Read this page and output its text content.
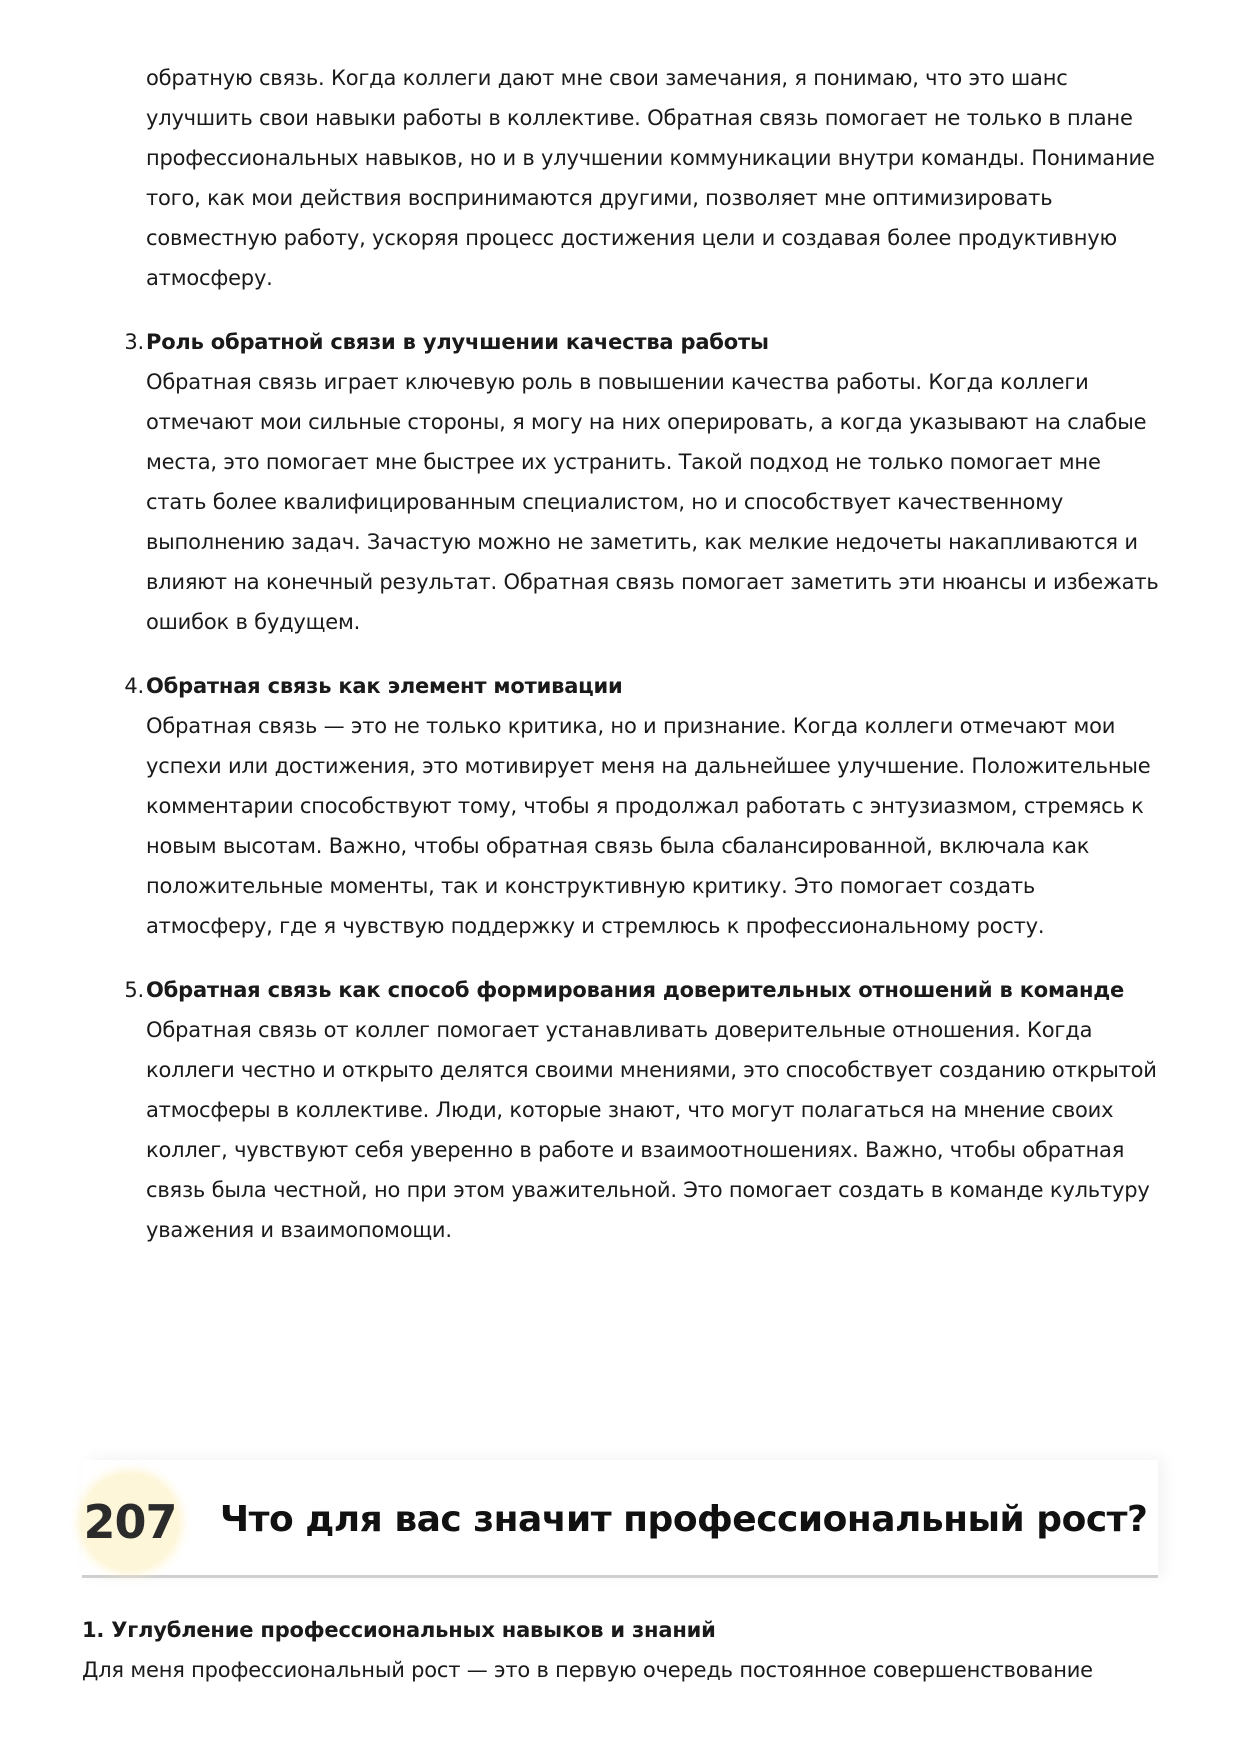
обратную связь. Когда коллеги дают мне свои замечания, я понимаю, что это шанс улучшить свои навыки работы в коллективе. Обратная связь помогает не только в плане профессиональных навыков, но и в улучшении коммуникации внутри команды. Понимание того, как мои действия воспринимаются другими, позволяет мне оптимизировать совместную работу, ускоряя процесс достижения цели и создавая более продуктивную атмосферу.

3. Роль обратной связи в улучшении качества работы

Обратная связь играет ключевую роль в повышении качества работы. Когда коллеги отмечают мои сильные стороны, я могу на них оперировать, а когда указывают на слабые места, это помогает мне быстрее их устранить. Такой подход не только помогает мне стать более квалифицированным специалистом, но и способствует качественному выполнению задач. Зачастую можно не заметить, как мелкие недочеты накапливаются и влияют на конечный результат. Обратная связь помогает заметить эти нюансы и избежать ошибок в будущем.

4. Обратная связь как элемент мотивации

Обратная связь — это не только критика, но и признание. Когда коллеги отмечают мои успехи или достижения, это мотивирует меня на дальнейшее улучшение. Положительные комментарии способствуют тому, чтобы я продолжал работать с энтузиазмом, стремясь к новым высотам. Важно, чтобы обратная связь была сбалансированной, включала как положительные моменты, так и конструктивную критику. Это помогает создать атмосферу, где я чувствую поддержку и стремлюсь к профессиональному росту.

5. Обратная связь как способ формирования доверительных отношений в команде

Обратная связь от коллег помогает устанавливать доверительные отношения. Когда коллеги честно и открыто делятся своими мнениями, это способствует созданию открытой атмосферы в коллективе. Люди, которые знают, что могут полагаться на мнение своих коллег, чувствуют себя уверенно в работе и взаимоотношениях. Важно, чтобы обратная связь была честной, но при этом уважительной. Это помогает создать в команде культуру уважения и взаимопомощи.

207 Что для вас значит профессиональный рост?

1. Углубление профессиональных навыков и знаний

Для меня профессиональный рост — это в первую очередь постоянное совершенствование
